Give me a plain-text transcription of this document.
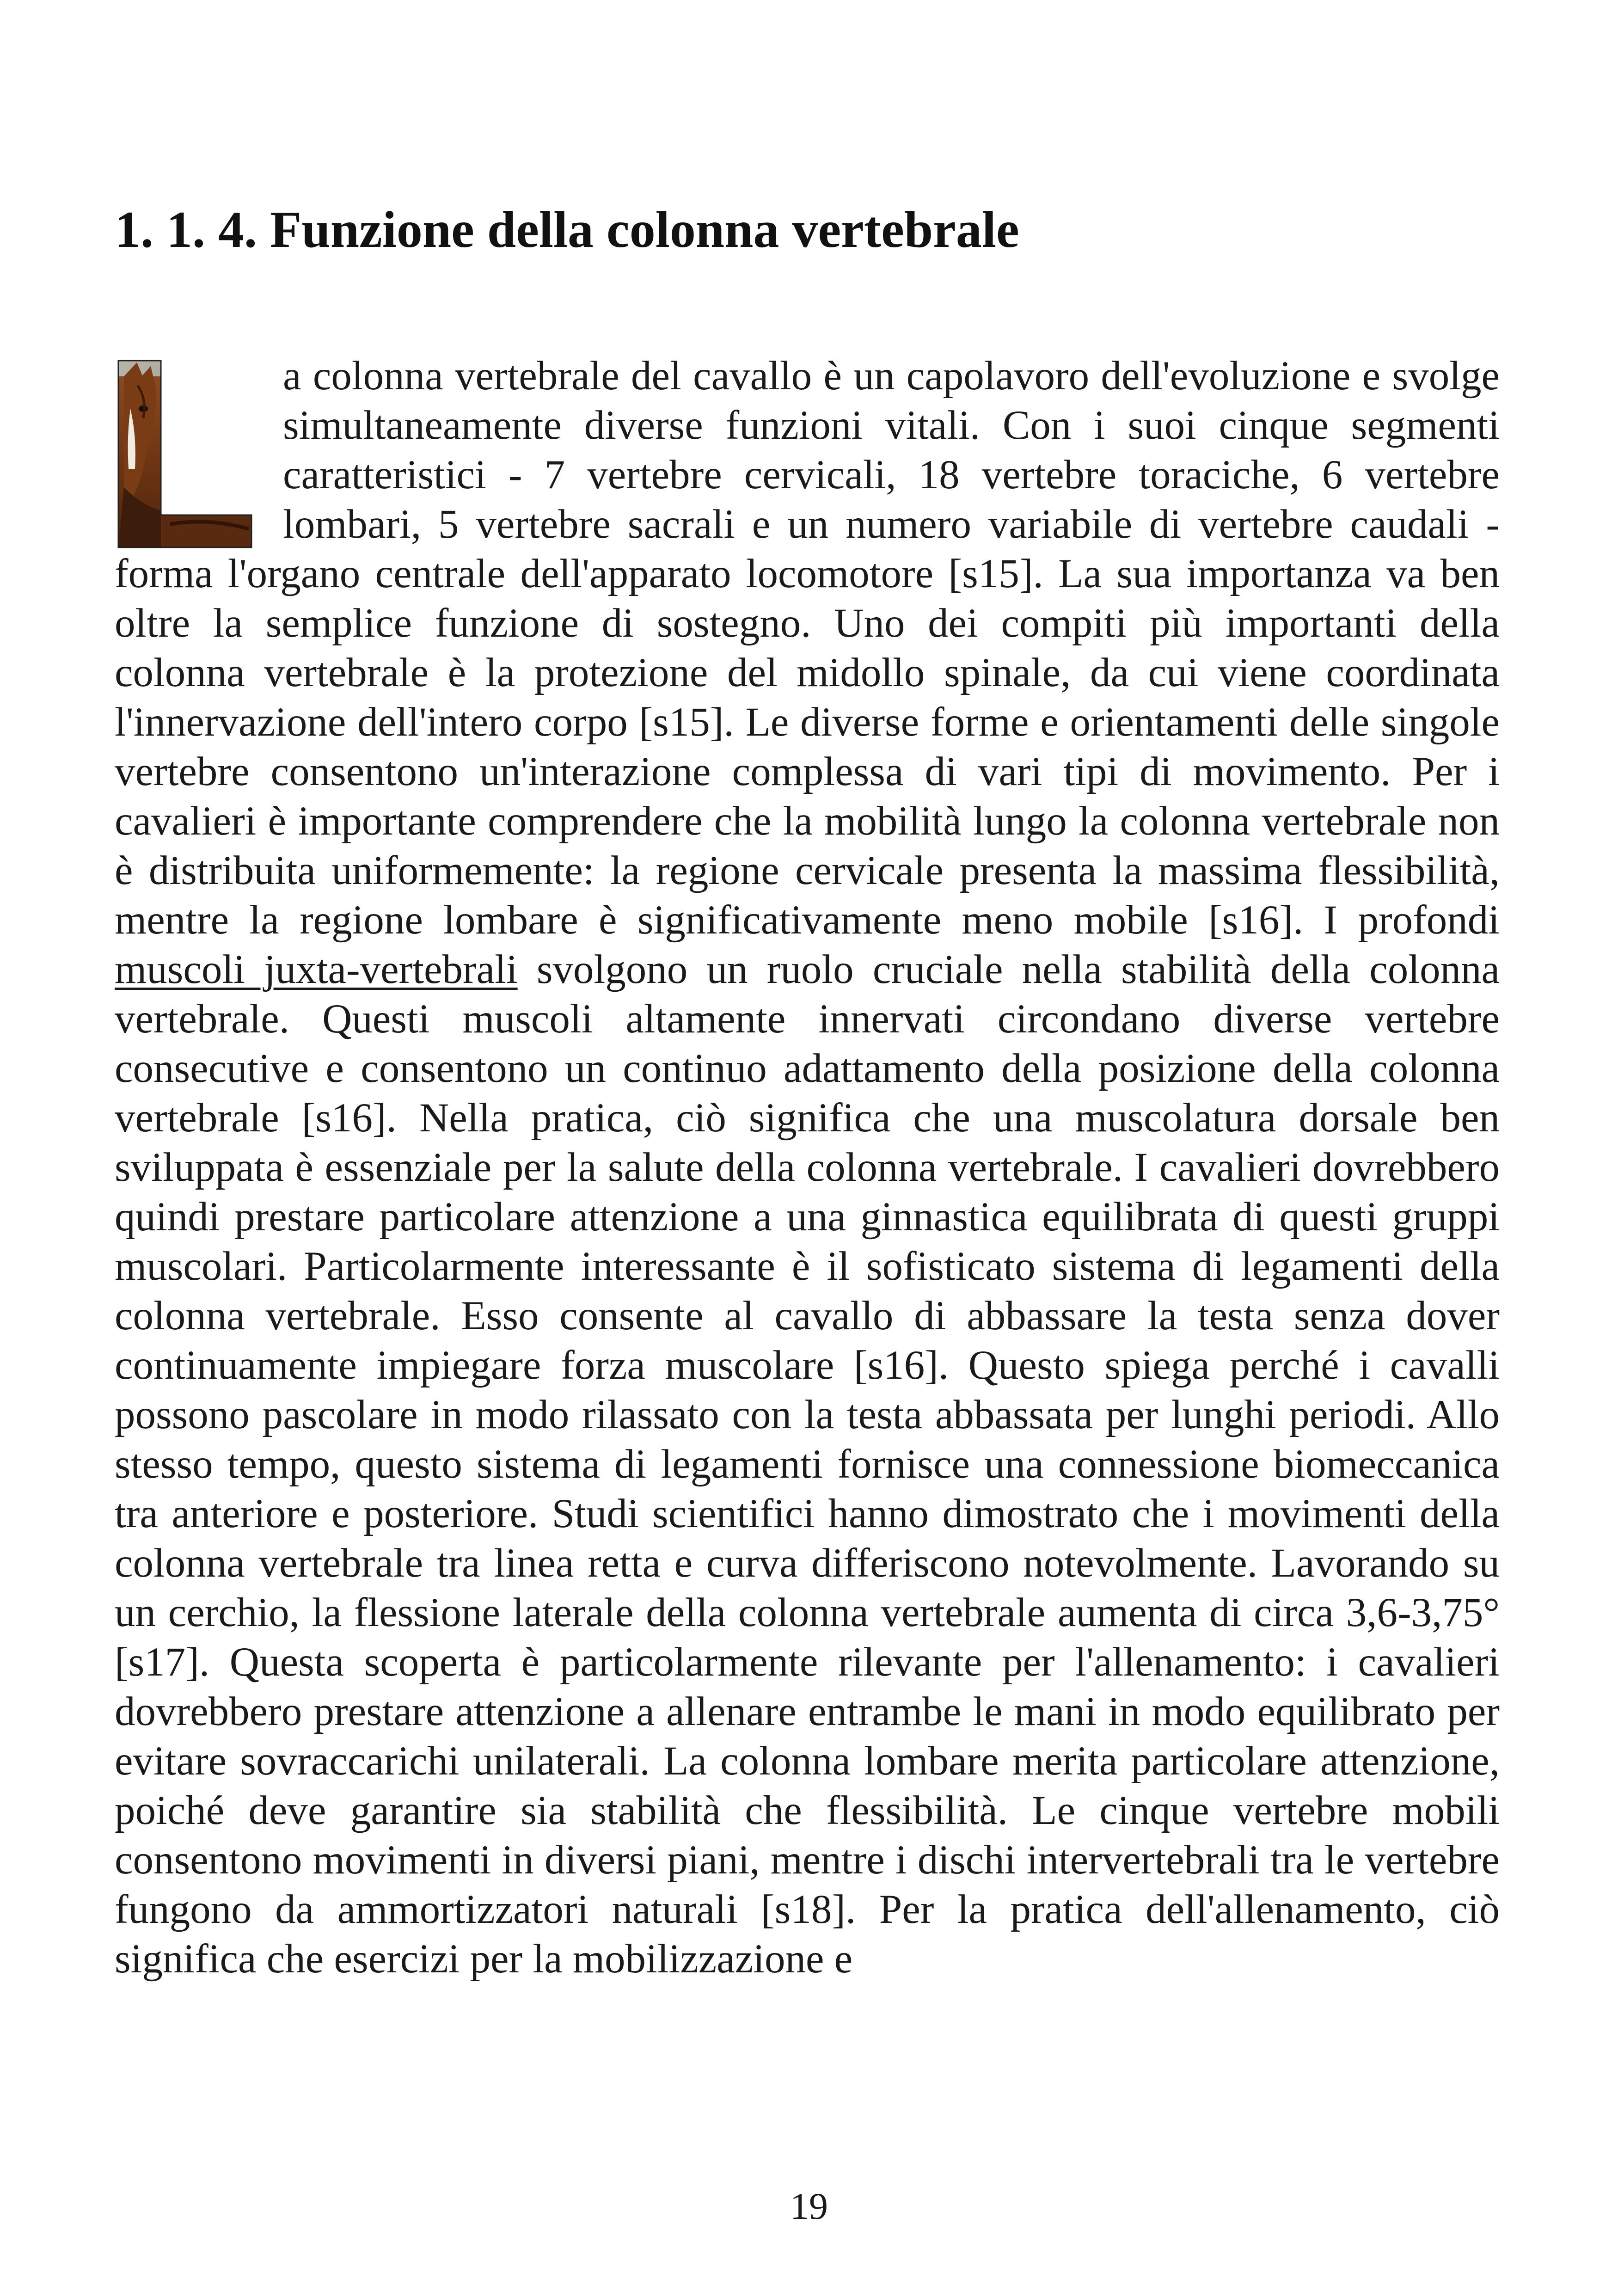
1. 1. 4. Funzione della colonna vertebrale

a colonna vertebrale del cavallo è un capolavoro dell'evoluzione e svolge simultaneamente diverse funzioni vitali. Con i suoi cinque segmenti caratteristici - 7 vertebre cervicali, 18 vertebre toraciche, 6 vertebre lombari, 5 vertebre sacrali e un numero variabile di vertebre caudali - forma l'organo centrale dell'apparato locomotore [s15]. La sua importanza va ben oltre la semplice funzione di sostegno. Uno dei compiti più importanti della colonna vertebrale è la protezione del midollo spinale, da cui viene coordinata l'innervazione dell'intero corpo [s15]. Le diverse forme e orientamenti delle singole vertebre consentono un'interazione complessa di vari tipi di movimento. Per i cavalieri è importante comprendere che la mobilità lungo la colonna vertebrale non è distribuita uniformemente: la regione cervicale presenta la massima flessibilità, mentre la regione lombare è significativamente meno mobile [s16]. I profondi muscoli juxta-vertebrali svolgono un ruolo cruciale nella stabilità della colonna vertebrale. Questi muscoli altamente innervati circondano diverse vertebre consecutive e consentono un continuo adattamento della posizione della colonna vertebrale [s16]. Nella pratica, ciò significa che una muscolatura dorsale ben sviluppata è essenziale per la salute della colonna vertebrale. I cavalieri dovrebbero quindi prestare particolare attenzione a una ginnastica equilibrata di questi gruppi muscolari. Particolarmente interessante è il sofisticato sistema di legamenti della colonna vertebrale. Esso consente al cavallo di abbassare la testa senza dover continuamente impiegare forza muscolare [s16]. Questo spiega perché i cavalli possono pascolare in modo rilassato con la testa abbassata per lunghi periodi. Allo stesso tempo, questo sistema di legamenti fornisce una connessione biomeccanica tra anteriore e posteriore. Studi scientifici hanno dimostrato che i movimenti della colonna vertebrale tra linea retta e curva differiscono notevolmente. Lavorando su un cerchio, la flessione laterale della colonna vertebrale aumenta di circa 3,6-3,75° [s17]. Questa scoperta è particolarmente rilevante per l'allenamento: i cavalieri dovrebbero prestare attenzione a allenare entrambe le mani in modo equilibrato per evitare sovraccarichi unilaterali. La colonna lombare merita particolare attenzione, poiché deve garantire sia stabilità che flessibilità. Le cinque vertebre mobili consentono movimenti in diversi piani, mentre i dischi intervertebrali tra le vertebre fungono da ammortizzatori naturali [s18]. Per la pratica dell'allenamento, ciò significa che esercizi per la mobilizzazione e

19
